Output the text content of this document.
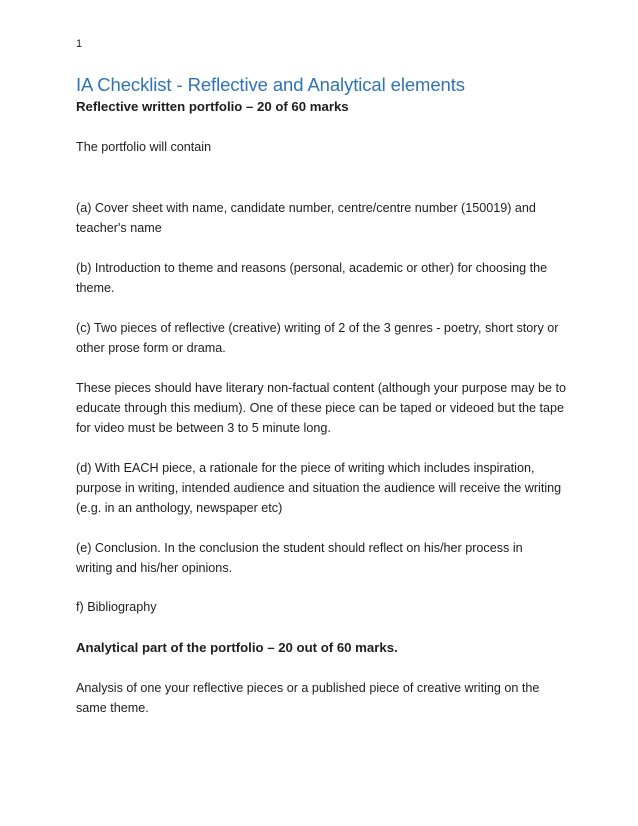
1
IA Checklist - Reflective and Analytical elements
Reflective written portfolio – 20 of 60 marks

The portfolio will contain

(a) Cover sheet with name, candidate number, centre/centre number (150019) and
teacher's name

(b) Introduction to theme and reasons (personal, academic or other) for choosing the
theme.

(c) Two pieces of reflective (creative) writing of 2 of the 3 genres - poetry, short story or
other prose form or drama.

These pieces should have literary non-factual content (although your purpose may be to
educate through this medium). One of these piece can be taped or videoed but the tape
for video must be between 3 to 5 minute long.

(d) With EACH piece, a rationale for the piece of writing which includes inspiration,
purpose in writing, intended audience and situation the audience will receive the writing
(e.g. in an anthology, newspaper etc)

(e) Conclusion. In the conclusion the student should reflect on his/her process in
writing and his/her opinions.

f) Bibliography

Analytical part of the portfolio – 20 out of 60 marks.

Analysis of one your reflective pieces or a published piece of creative writing on the
same theme.
